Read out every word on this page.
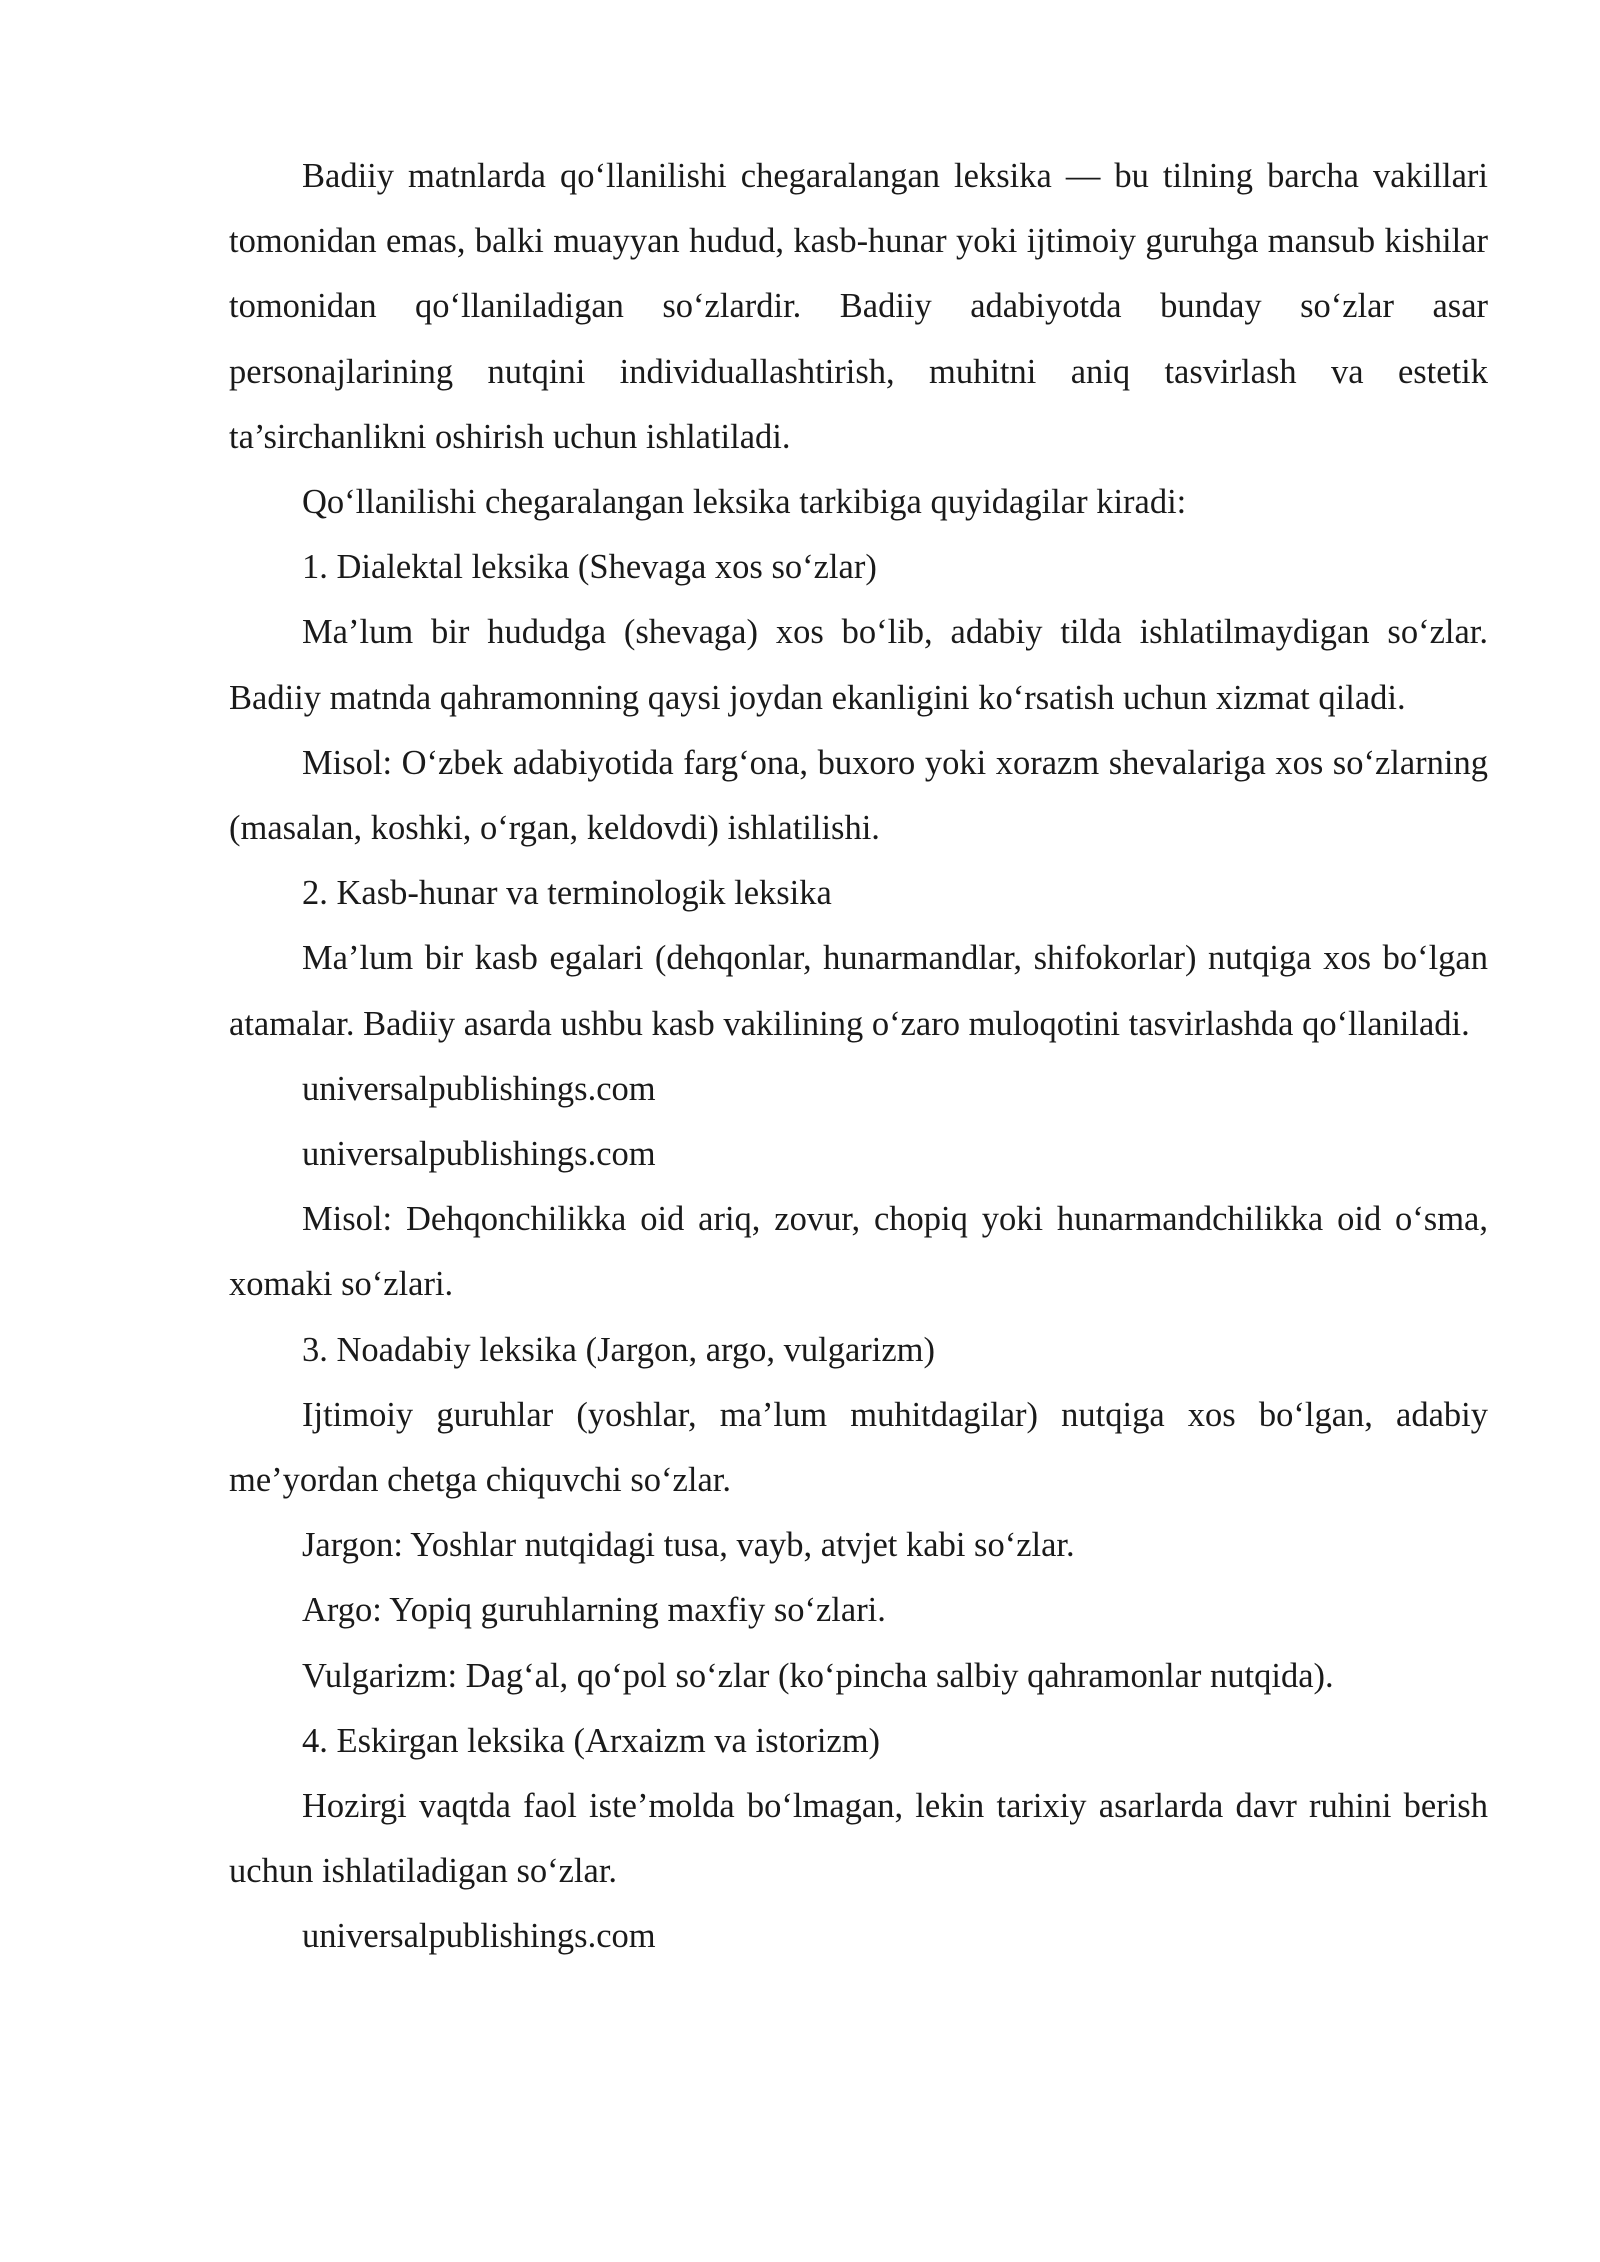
Badiiy matnlarda qo‘llanilishi chegaralangan leksika — bu tilning barcha vakillari tomonidan emas, balki muayyan hudud, kasb-hunar yoki ijtimoiy guruhga mansub kishilar tomonidan qo‘llaniladigan so‘zlardir. Badiiy adabiyotda bunday so‘zlar asar personajlarining nutqini individuallashtirish, muhitni aniq tasvirlash va estetik ta’sirchanlikni oshirish uchun ishlatiladi.

Qo‘llanilishi chegaralangan leksika tarkibiga quyidagilar kiradi:

1. Dialektal leksika (Shevaga xos so‘zlar)

Ma’lum bir hududga (shevaga) xos bo‘lib, adabiy tilda ishlatilmaydigan so‘zlar. Badiiy matnda qahramonning qaysi joydan ekanligini ko‘rsatish uchun xizmat qiladi.

Misol: O‘zbek adabiyotida farg‘ona, buxoro yoki xorazm shevalariga xos so‘zlarning (masalan, koshki, o‘rgan, keldovdi) ishlatilishi.

2. Kasb-hunar va terminologik leksika

Ma’lum bir kasb egalari (dehqonlar, hunarmandlar, shifokorlar) nutqiga xos bo‘lgan atamalar. Badiiy asarda ushbu kasb vakilining o‘zaro muloqotini tasvirlashda qo‘llaniladi.

universalpublishings.com

universalpublishings.com

Misol: Dehqonchilikka oid ariq, zovur, chopiq yoki hunarmandchilikka oid o‘sma, xomaki so‘zlari.

3. Noadabiy leksika (Jargon, argo, vulgarizm)

Ijtimoiy guruhlar (yoshlar, ma’lum muhitdagilar) nutqiga xos bo‘lgan, adabiy me’yordan chetga chiquvchi so‘zlar.

Jargon: Yoshlar nutqidagi tusa, vayb, atvjet kabi so‘zlar.

Argo: Yopiq guruhlarning maxfiy so‘zlari.

Vulgarizm: Dag‘al, qo‘pol so‘zlar (ko‘pincha salbiy qahramonlar nutqida).

4. Eskirgan leksika (Arxaizm va istorizm)

Hozirgi vaqtda faol iste’molda bo‘lmagan, lekin tarixiy asarlarda davr ruhini berish uchun ishlatiladigan so‘zlar.

universalpublishings.com
